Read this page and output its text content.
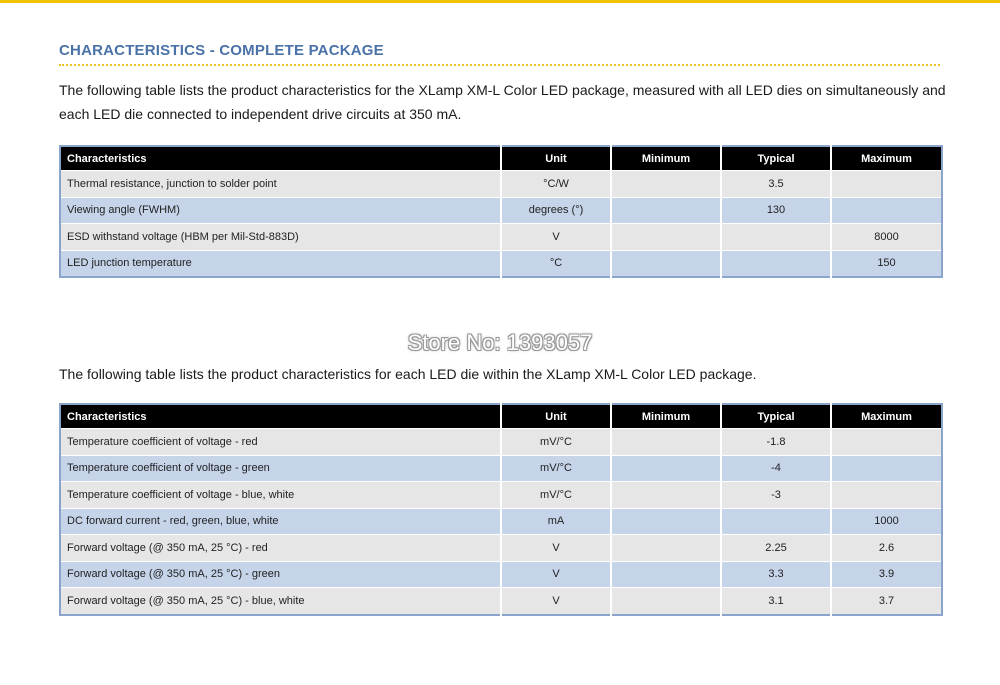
CHARACTERISTICS - COMPLETE PACKAGE
The following table lists the product characteristics for the XLamp XM-L Color LED package, measured with all LED dies on simultaneously and each LED die connected to independent drive circuits at 350 mA.
Characteristics	Unit	Minimum	Typical	Maximum
Thermal resistance, junction to solder point	°C/W		3.5	
Viewing angle (FWHM)	degrees (°)		130	
ESD withstand voltage (HBM per Mil-Std-883D)	V			8000
LED junction temperature	°C			150
Store No: 1393057
The following table lists the product characteristics for each LED die within the XLamp XM-L Color LED package.
Characteristics	Unit	Minimum	Typical	Maximum
Temperature coefficient of voltage - red	mV/°C		-1.8	
Temperature coefficient of voltage - green	mV/°C		-4	
Temperature coefficient of voltage - blue, white	mV/°C		-3	
DC forward current - red, green, blue, white	mA			1000
Forward voltage (@ 350 mA, 25 °C) - red	V		2.25	2.6
Forward voltage (@ 350 mA, 25 °C) - green	V		3.3	3.9
Forward voltage (@ 350 mA, 25 °C) - blue, white	V		3.1	3.7
